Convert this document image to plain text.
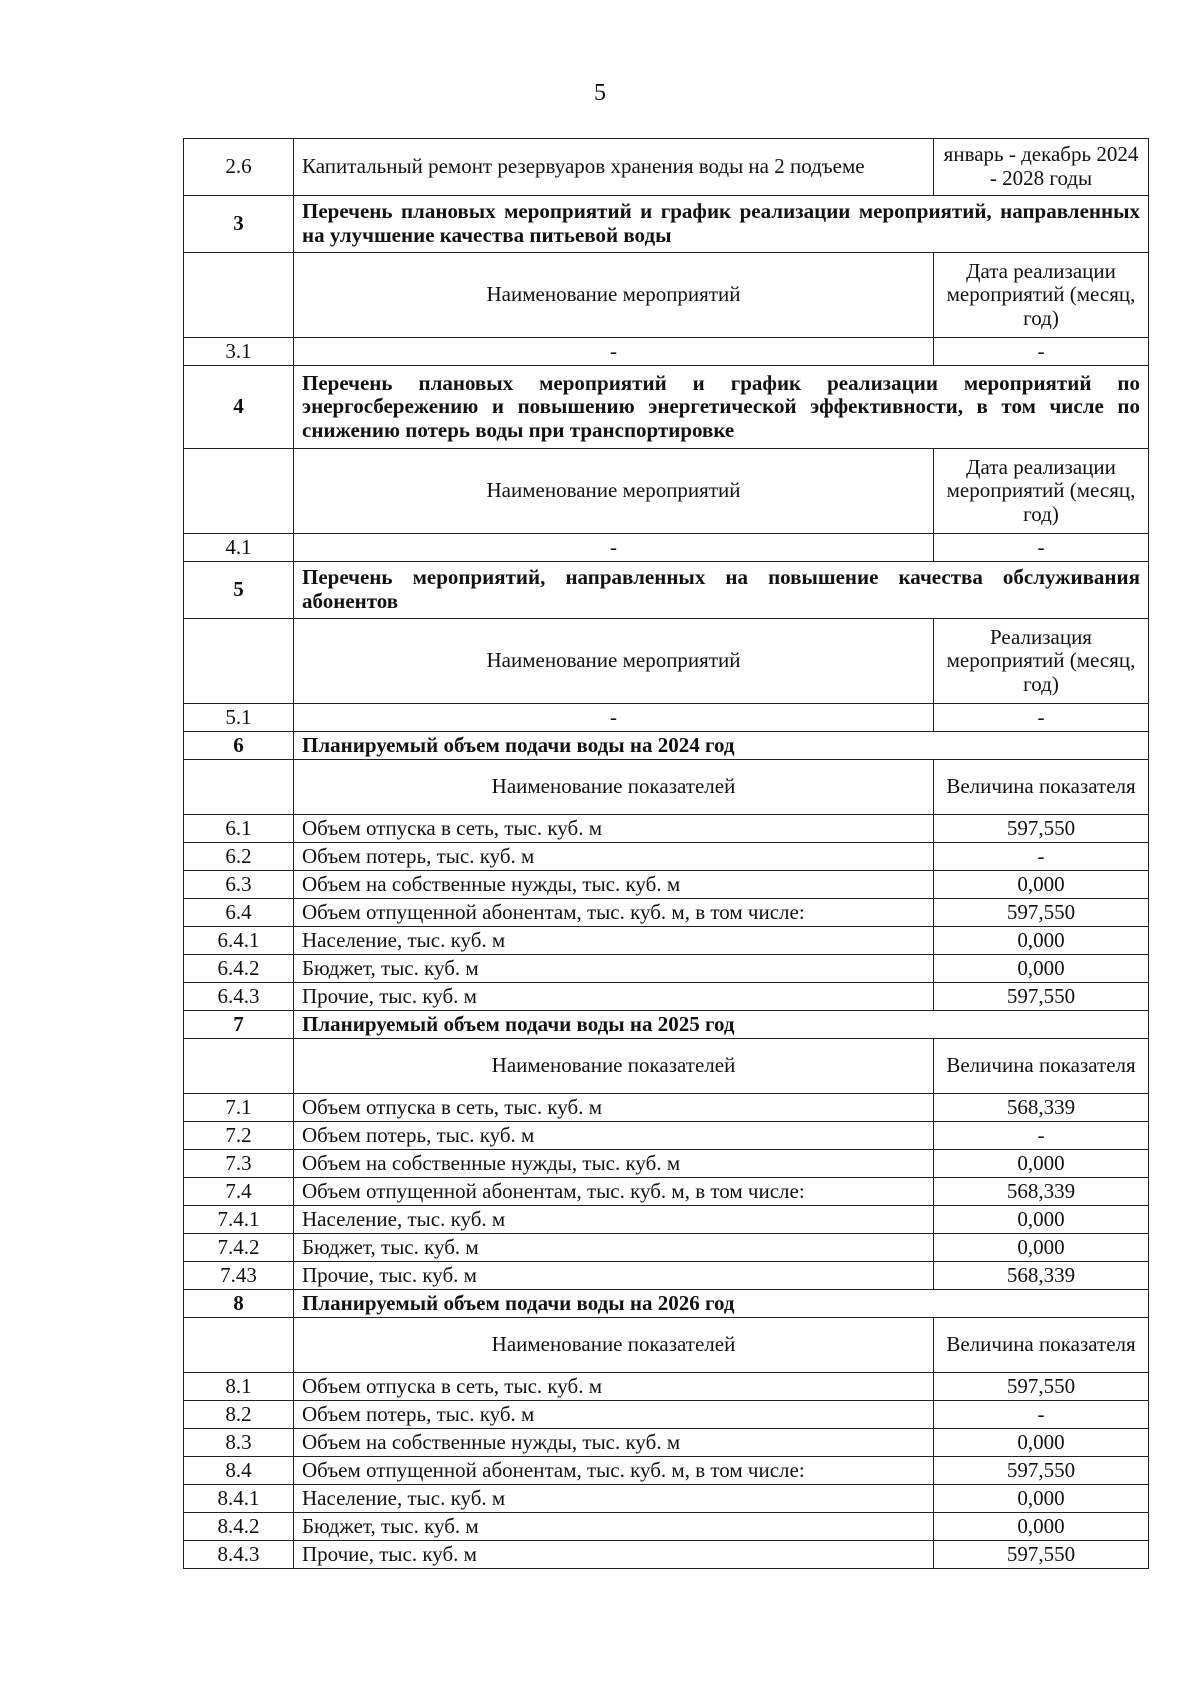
5
2.6	Капитальный ремонт резервуаров хранения воды на 2 подъеме	январь - декабрь 2024 - 2028 годы
3	Перечень плановых мероприятий и график реализации мероприятий, направленных на улучшение качества питьевой воды	
	Наименование мероприятий	Дата реализации мероприятий (месяц, год)
3.1	-	-
4	Перечень плановых мероприятий и график реализации мероприятий по энергосбережению и повышению энергетической эффективности, в том числе по снижению потерь воды при транспортировке	
	Наименование мероприятий	Дата реализации мероприятий (месяц, год)
4.1	-	-
5	Перечень мероприятий, направленных на повышение качества обслуживания абонентов	
	Наименование мероприятий	Реализация мероприятий (месяц, год)
5.1	-	-
6	Планируемый объем подачи воды на 2024 год	
	Наименование показателей	Величина показателя
6.1	Объем отпуска в сеть, тыс. куб. м	597,550
6.2	Объем потерь, тыс. куб. м	-
6.3	Объем на собственные нужды, тыс. куб. м	0,000
6.4	Объем отпущенной абонентам, тыс. куб. м, в том числе:	597,550
6.4.1	Население, тыс. куб. м	0,000
6.4.2	Бюджет, тыс. куб. м	0,000
6.4.3	Прочие, тыс. куб. м	597,550
7	Планируемый объем подачи воды на 2025 год	
	Наименование показателей	Величина показателя
7.1	Объем отпуска в сеть, тыс. куб. м	568,339
7.2	Объем потерь, тыс. куб. м	-
7.3	Объем на собственные нужды, тыс. куб. м	0,000
7.4	Объем отпущенной абонентам, тыс. куб. м, в том числе:	568,339
7.4.1	Население, тыс. куб. м	0,000
7.4.2	Бюджет, тыс. куб. м	0,000
7.43	Прочие, тыс. куб. м	568,339
8	Планируемый объем подачи воды на 2026 год	
	Наименование показателей	Величина показателя
8.1	Объем отпуска в сеть, тыс. куб. м	597,550
8.2	Объем потерь, тыс. куб. м	-
8.3	Объем на собственные нужды, тыс. куб. м	0,000
8.4	Объем отпущенной абонентам, тыс. куб. м, в том числе:	597,550
8.4.1	Население, тыс. куб. м	0,000
8.4.2	Бюджет, тыс. куб. м	0,000
8.4.3	Прочие, тыс. куб. м	597,550
